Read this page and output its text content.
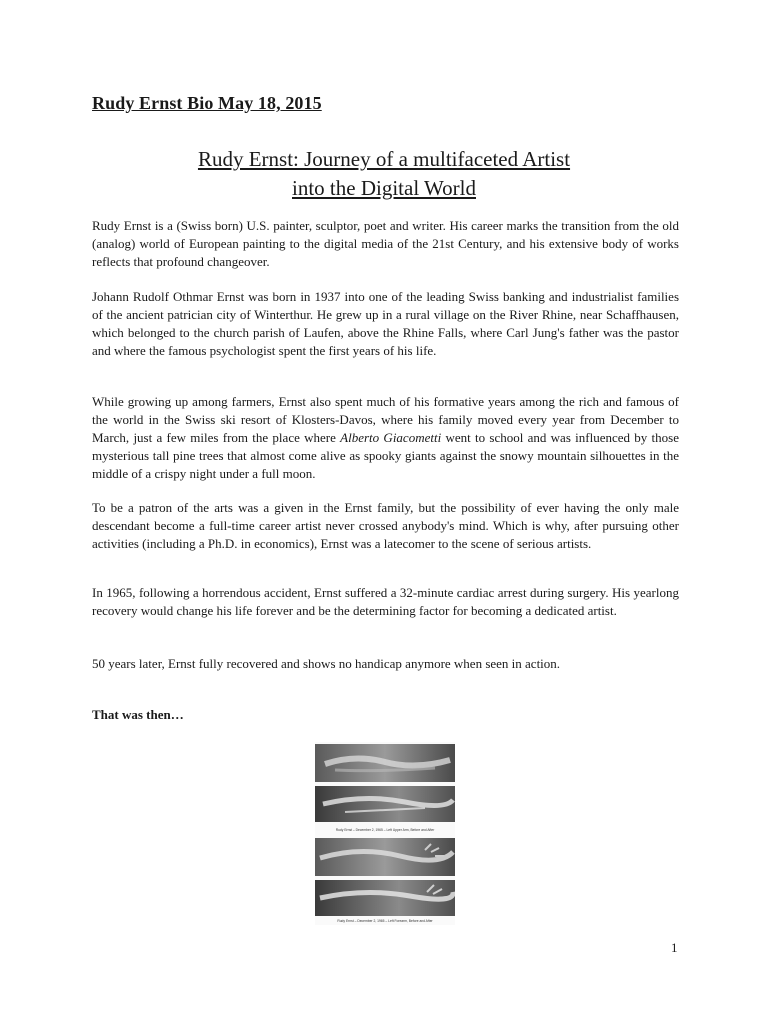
Rudy Ernst Bio May 18, 2015
Rudy Ernst: Journey of a multifaceted Artist
into the Digital World

Rudy Ernst is a (Swiss born) U.S. painter, sculptor, poet and writer. His career marks the transition from the old (analog) world of European painting to the digital media of the 21st Century, and his extensive body of works reflects that profound changeover.

Johann Rudolf Othmar Ernst was born in 1937 into one of the leading Swiss banking and industrialist families of the ancient patrician city of Winterthur. He grew up in a rural village on the River Rhine, near Schaffhausen, which belonged to the church parish of Laufen, above the Rhine Falls, where Carl Jung's father was the pastor and where the famous psychologist spent the first years of his life.

While growing up among farmers, Ernst also spent much of his formative years among the rich and famous of the world in the Swiss ski resort of Klosters-Davos, where his family moved every year from December to March, just a few miles from the place where Alberto Giacometti went to school and was influenced by those mysterious tall pine trees that almost come alive as spooky giants against the snowy mountain silhouettes in the middle of a crispy night under a full moon.

To be a patron of the arts was a given in the Ernst family, but the possibility of ever having the only male descendant become a full-time career artist never crossed anybody's mind. Which is why, after pursuing other activities (including a Ph.D. in economics), Ernst was a latecomer to the scene of serious artists.

In 1965, following a horrendous accident, Ernst suffered a 32-minute cardiac arrest during surgery. His yearlong recovery would change his life forever and be the determining factor for becoming a dedicated artist.

50 years later, Ernst fully recovered and shows no handicap anymore when seen in action.

That was then…
Rudy Ernst – December 2, 1965 – Left Upper Arm, Before and After
Rudy Ernst – December 2, 1965 – Left Forearm, Before and After
1
